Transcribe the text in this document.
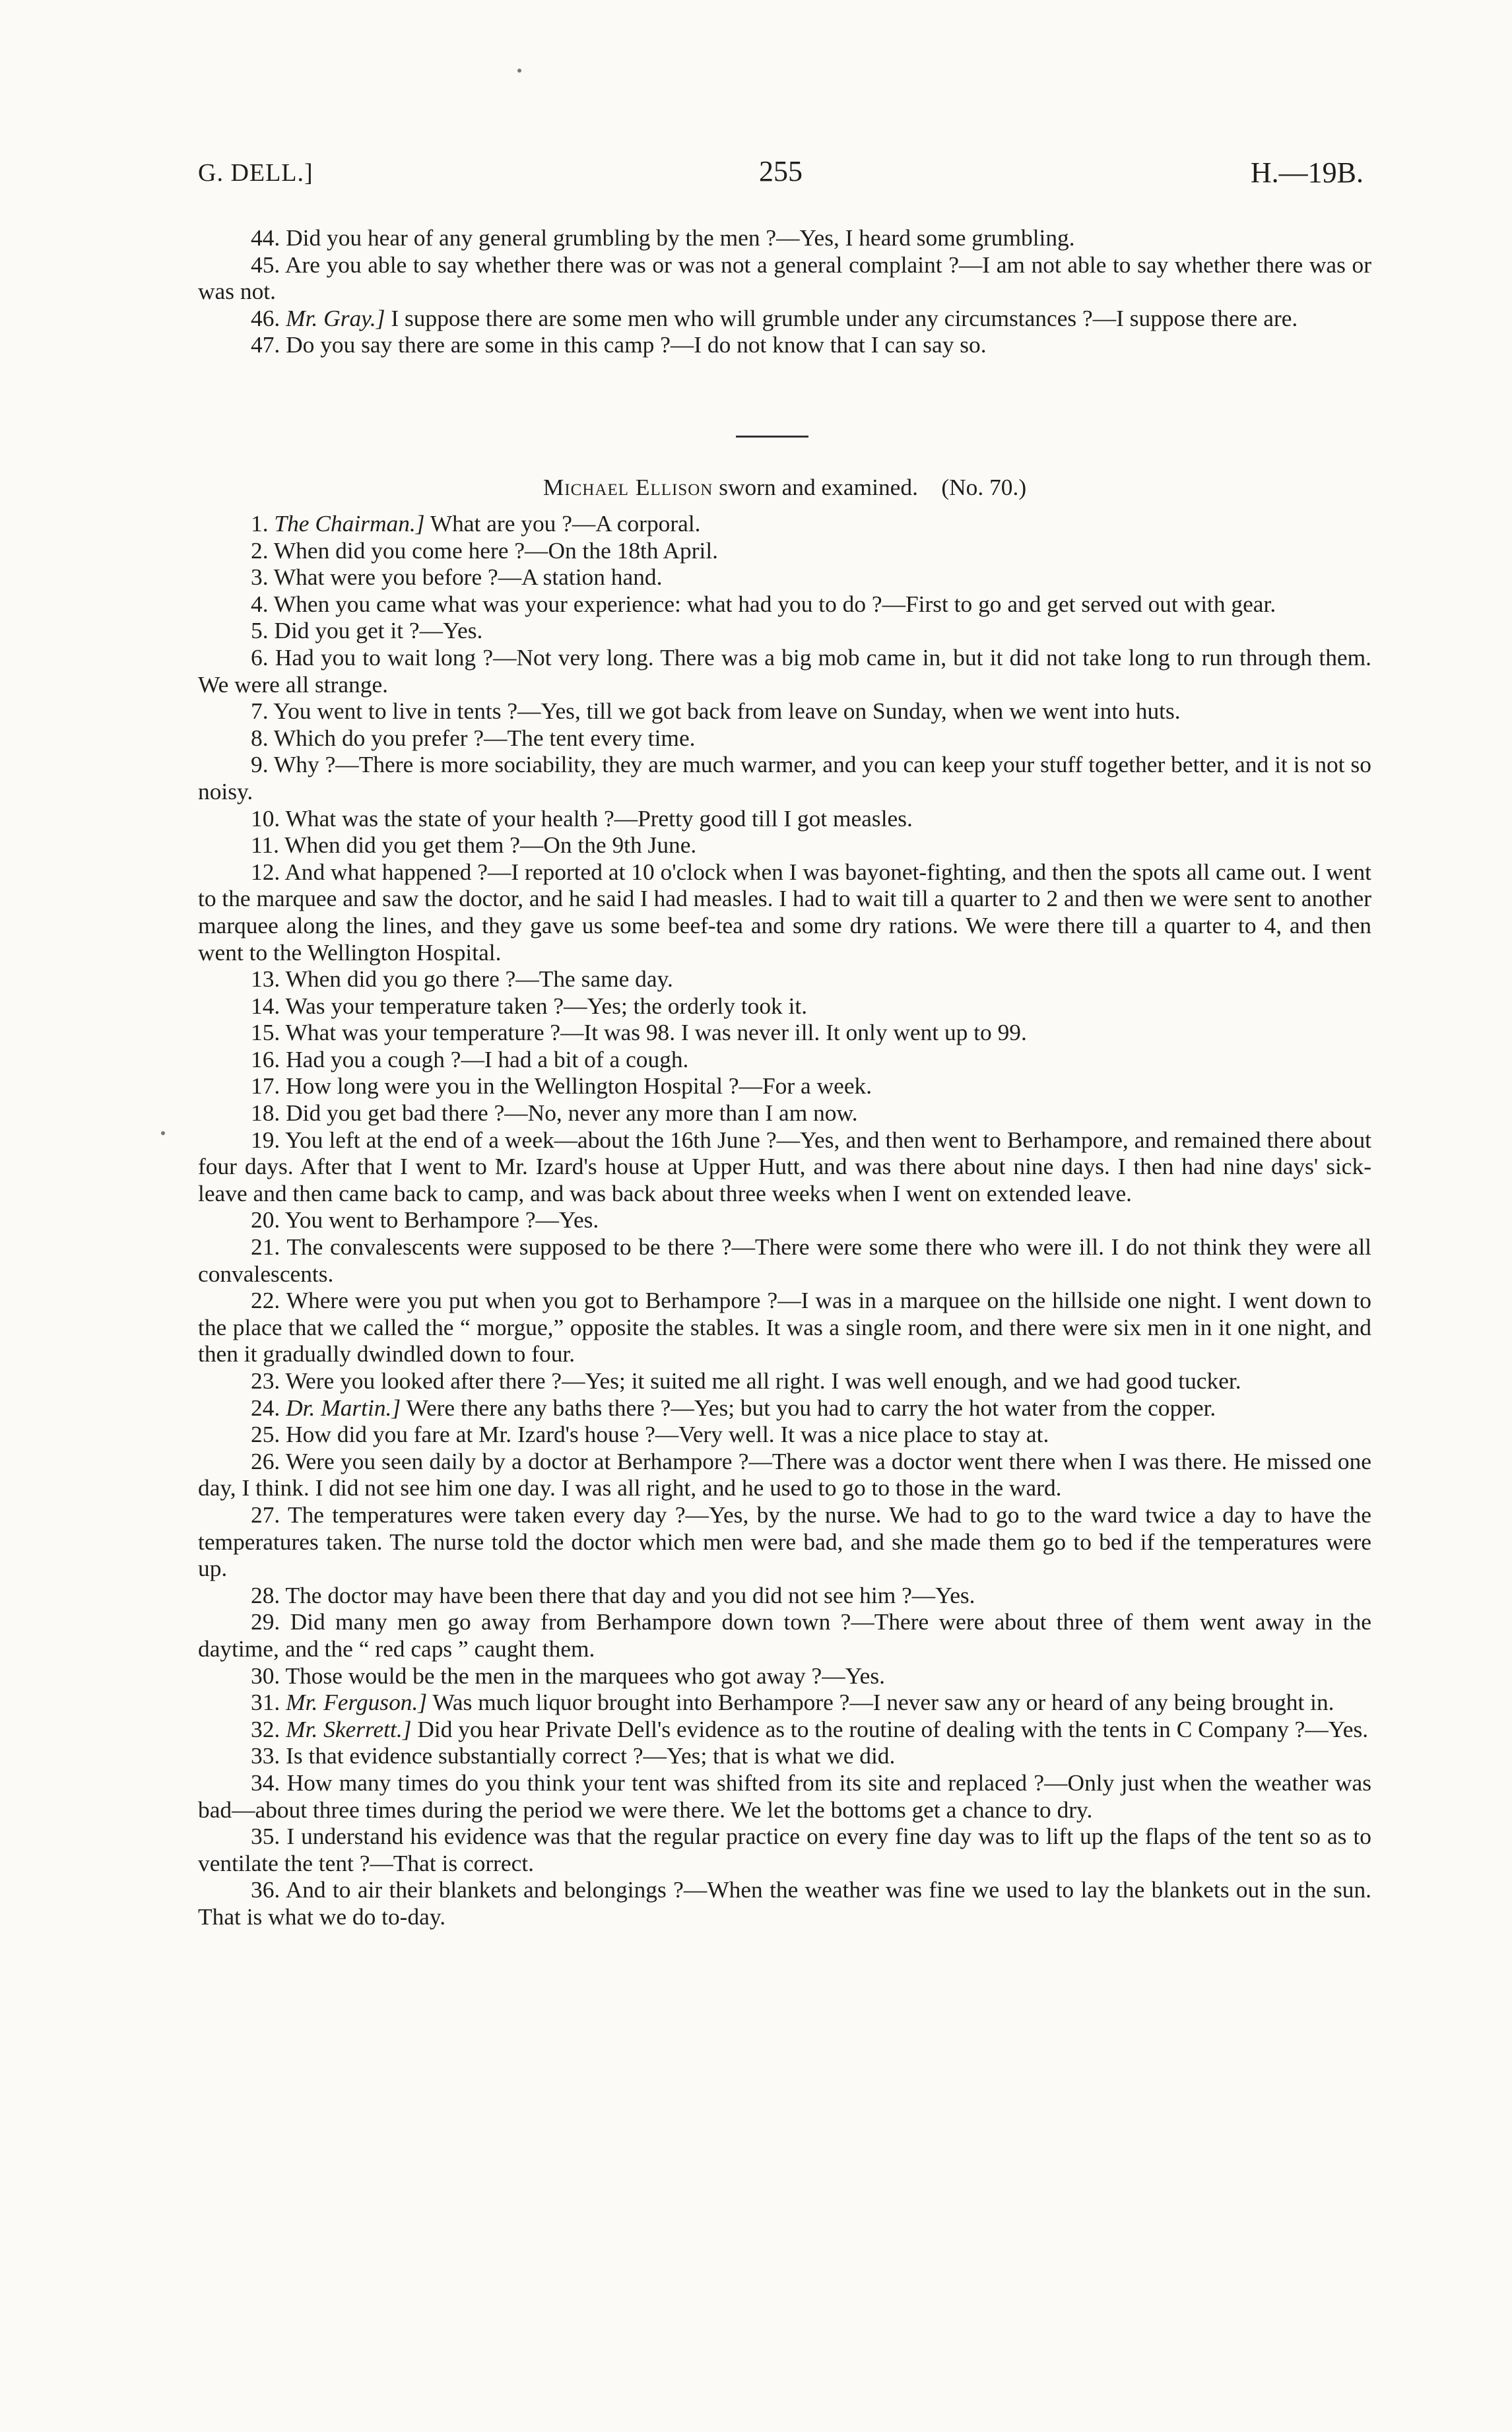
G. DELL.]	255	H.—19B.

44. Did you hear of any general grumbling by the men ?—Yes, I heard some grumbling.

45. Are you able to say whether there was or was not a general complaint ?—I am not able to say whether there was or was not.

46. Mr. Gray.] I suppose there are some men who will grumble under any circumstances ?—I suppose there are.

47. Do you say there are some in this camp ?—I do not know that I can say so.

Michael Ellison sworn and examined. (No. 70.)

1. The Chairman.] What are you ?—A corporal.

2. When did you come here ?—On the 18th April.

3. What were you before ?—A station hand.

4. When you came what was your experience: what had you to do ?—First to go and get served out with gear.

5. Did you get it ?—Yes.

6. Had you to wait long ?—Not very long. There was a big mob came in, but it did not take long to run through them. We were all strange.

7. You went to live in tents ?—Yes, till we got back from leave on Sunday, when we went into huts.

8. Which do you prefer ?—The tent every time.

9. Why ?—There is more sociability, they are much warmer, and you can keep your stuff together better, and it is not so noisy.

10. What was the state of your health ?—Pretty good till I got measles.

11. When did you get them ?—On the 9th June.

12. And what happened ?—I reported at 10 o'clock when I was bayonet-fighting, and then the spots all came out. I went to the marquee and saw the doctor, and he said I had measles. I had to wait till a quarter to 2 and then we were sent to another marquee along the lines, and they gave us some beef-tea and some dry rations. We were there till a quarter to 4, and then went to the Wellington Hospital.

13. When did you go there ?—The same day.

14. Was your temperature taken ?—Yes; the orderly took it.

15. What was your temperature ?—It was 98. I was never ill. It only went up to 99.

16. Had you a cough ?—I had a bit of a cough.

17. How long were you in the Wellington Hospital ?—For a week.

18. Did you get bad there ?—No, never any more than I am now.

19. You left at the end of a week—about the 16th June ?—Yes, and then went to Berhampore, and remained there about four days. After that I went to Mr. Izard's house at Upper Hutt, and was there about nine days. I then had nine days' sick-leave and then came back to camp, and was back about three weeks when I went on extended leave.

20. You went to Berhampore ?—Yes.

21. The convalescents were supposed to be there ?—There were some there who were ill. I do not think they were all convalescents.

22. Where were you put when you got to Berhampore ?—I was in a marquee on the hillside one night. I went down to the place that we called the “ morgue,” opposite the stables. It was a single room, and there were six men in it one night, and then it gradually dwindled down to four.

23. Were you looked after there ?—Yes; it suited me all right. I was well enough, and we had good tucker.

24. Dr. Martin.] Were there any baths there ?—Yes; but you had to carry the hot water from the copper.

25. How did you fare at Mr. Izard's house ?—Very well. It was a nice place to stay at.

26. Were you seen daily by a doctor at Berhampore ?—There was a doctor went there when I was there. He missed one day, I think. I did not see him one day. I was all right, and he used to go to those in the ward.

27. The temperatures were taken every day ?—Yes, by the nurse. We had to go to the ward twice a day to have the temperatures taken. The nurse told the doctor which men were bad, and she made them go to bed if the temperatures were up.

28. The doctor may have been there that day and you did not see him ?—Yes.

29. Did many men go away from Berhampore down town ?—There were about three of them went away in the daytime, and the “ red caps ” caught them.

30. Those would be the men in the marquees who got away ?—Yes.

31. Mr. Ferguson.] Was much liquor brought into Berhampore ?—I never saw any or heard of any being brought in.

32. Mr. Skerrett.] Did you hear Private Dell's evidence as to the routine of dealing with the tents in C Company ?—Yes.

33. Is that evidence substantially correct ?—Yes; that is what we did.

34. How many times do you think your tent was shifted from its site and replaced ?—Only just when the weather was bad—about three times during the period we were there. We let the bottoms get a chance to dry.

35. I understand his evidence was that the regular practice on every fine day was to lift up the flaps of the tent so as to ventilate the tent ?—That is correct.

36. And to air their blankets and belongings ?—When the weather was fine we used to lay the blankets out in the sun. That is what we do to-day.
